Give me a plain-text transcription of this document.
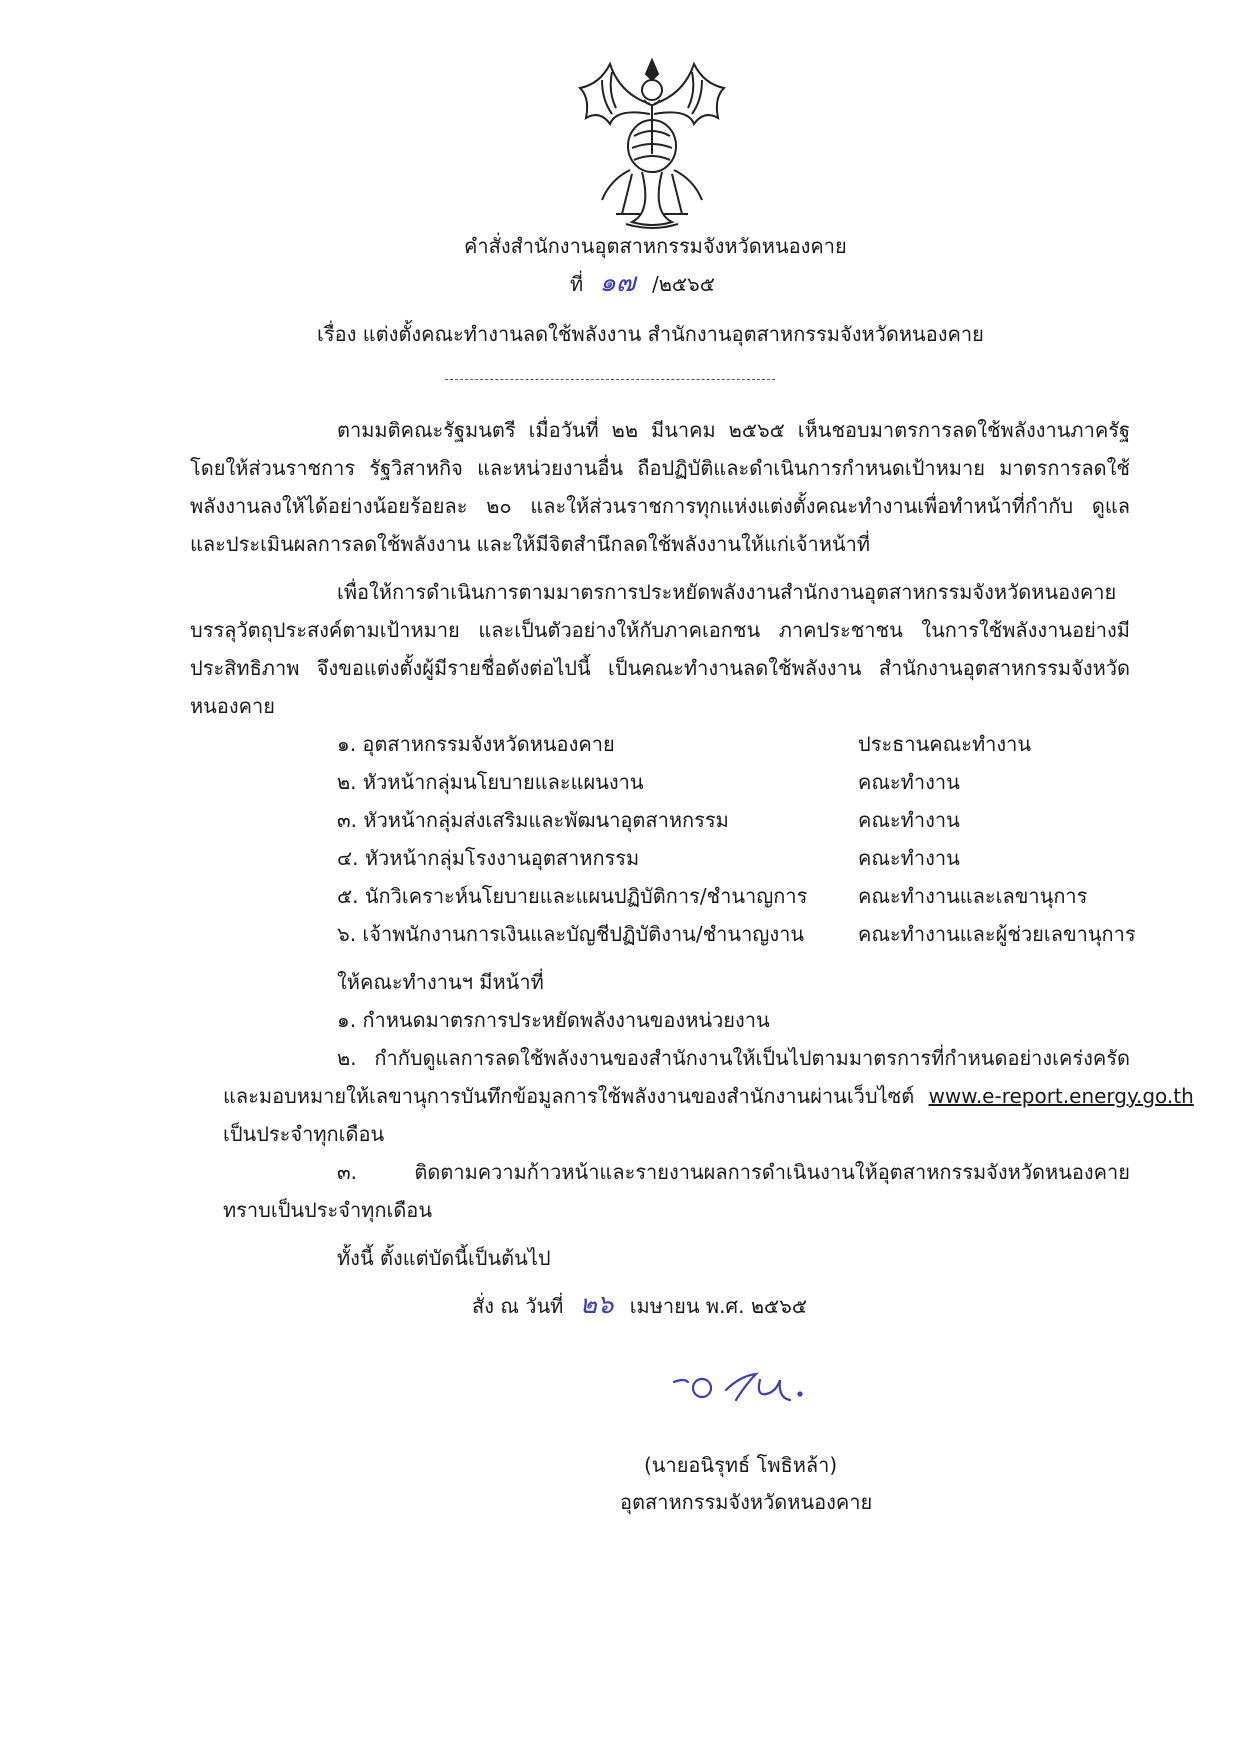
คำสั่งสำนักงานอุตสาหกรรมจังหวัดหนองคาย
ที่ ๑๗ /๒๕๖๕
เรื่อง แต่งตั้งคณะทำงานลดใช้พลังงาน สำนักงานอุตสาหกรรมจังหวัดหนองคาย
ตามมติคณะรัฐมนตรี เมื่อวันที่ ๒๒ มีนาคม ๒๕๖๕ เห็นชอบมาตรการลดใช้พลังงานภาครัฐ
โดยให้ส่วนราชการ รัฐวิสาหกิจ และหน่วยงานอื่น ถือปฏิบัติและดำเนินการกำหนดเป้าหมาย มาตรการลดใช้
พลังงานลงให้ได้อย่างน้อยร้อยละ ๒๐ และให้ส่วนราชการทุกแห่งแต่งตั้งคณะทำงานเพื่อทำหน้าที่กำกับ ดูแล
และประเมินผลการลดใช้พลังงาน และให้มีจิตสำนึกลดใช้พลังงานให้แก่เจ้าหน้าที่
เพื่อให้การดำเนินการตามมาตรการประหยัดพลังงานสำนักงานอุตสาหกรรมจังหวัดหนองคาย
บรรลุวัตถุประสงค์ตามเป้าหมาย และเป็นตัวอย่างให้กับภาคเอกชน ภาคประชาชน ในการใช้พลังงานอย่างมี
ประสิทธิภาพ จึงขอแต่งตั้งผู้มีรายชื่อดังต่อไปนี้ เป็นคณะทำงานลดใช้พลังงาน สำนักงานอุตสาหกรรมจังหวัด
หนองคาย
๑. อุตสาหกรรมจังหวัดหนองคาย	ประธานคณะทำงาน
๒. หัวหน้ากลุ่มนโยบายและแผนงาน	คณะทำงาน
๓. หัวหน้ากลุ่มส่งเสริมและพัฒนาอุตสาหกรรม	คณะทำงาน
๔. หัวหน้ากลุ่มโรงงานอุตสาหกรรม	คณะทำงาน
๕. นักวิเคราะห์นโยบายและแผนปฏิบัติการ/ชำนาญการ	คณะทำงานและเลขานุการ
๖. เจ้าพนักงานการเงินและบัญชีปฏิบัติงาน/ชำนาญงาน	คณะทำงานและผู้ช่วยเลขานุการ
ให้คณะทำงานฯ มีหน้าที่
๑. กำหนดมาตรการประหยัดพลังงานของหน่วยงาน
๒. กำกับดูแลการลดใช้พลังงานของสำนักงานให้เป็นไปตามมาตรการที่กำหนดอย่างเคร่งครัด
และมอบหมายให้เลขานุการบันทึกข้อมูลการใช้พลังงานของสำนักงานผ่านเว็บไซต์ www.e-report.energy.go.th
เป็นประจำทุกเดือน
๓. ติดตามความก้าวหน้าและรายงานผลการดำเนินงานให้อุตสาหกรรมจังหวัดหนองคาย
ทราบเป็นประจำทุกเดือน
ทั้งนี้ ตั้งแต่บัดนี้เป็นต้นไป
สั่ง ณ วันที่ ๒๖ เมษายน พ.ศ. ๒๕๖๕
(นายอนิรุทธ์ โพธิหล้า)
อุตสาหกรรมจังหวัดหนองคาย
